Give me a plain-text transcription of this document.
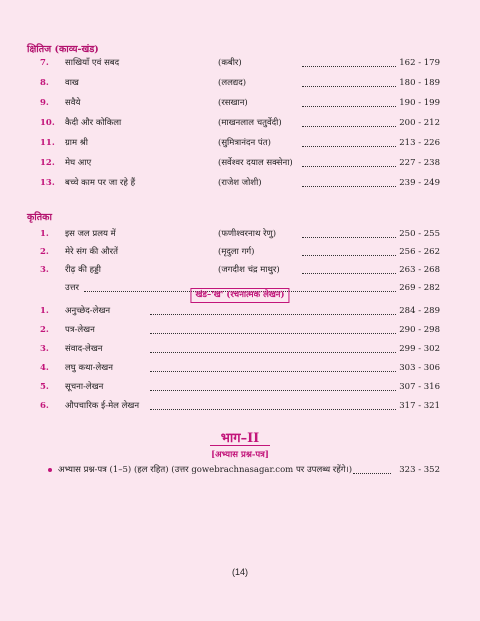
क्षितिज (काव्य-खंड)
7.	साखियाँ एवं सबद	(कबीर)	162 - 179
8.	वाख	(ललद्यद)	180 - 189
9.	सवैये	(रसखान)	190 - 199
10.	कैदी और कोकिला	(माखनलाल चतुर्वेदी)	200 - 212
11.	ग्राम श्री	(सुमित्रानंदन पंत)	213 - 226
12.	मेघ आए	(सर्वेश्वर दयाल सक्सेना)	227 - 238
13.	बच्चे काम पर जा रहे हैं	(राजेश जोशी)	239 - 249
कृतिका
1.	इस जल प्रलय में	(फणीश्वरनाथ रेणु)	250 - 255
2.	मेरे संग की औरतें	(मृदुला गर्ग)	256 - 262
3.	रीढ़ की हड्डी	(जगदीश चंद्र माथुर)	263 - 268
उत्तर	269 - 282
खंड–'ख' (रचनात्मक लेखन)
1.	अनुच्छेद-लेखन	284 - 289
2.	पत्र-लेखन	290 - 298
3.	संवाद-लेखन	299 - 302
4.	लघु कथा-लेखन	303 - 306
5.	सूचना-लेखन	307 - 316
6.	औपचारिक ई-मेल लेखन	317 - 321
भाग–II
[अभ्यास प्रश्न-पत्र]
अभ्यास प्रश्न-पत्र (1–5) (हल रहित) (उत्तर gowebrachnasagar.com पर उपलब्ध रहेंगे।)	323 - 352
(14)
